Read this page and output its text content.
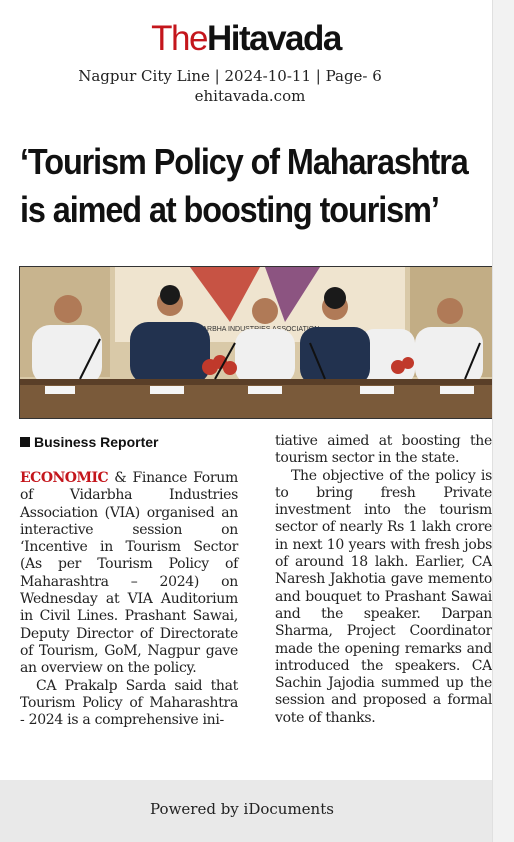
TheHitavada
Nagpur City Line | 2024-10-11 | Page- 6
ehitavada.com
‘Tourism Policy of Maharashtra
is aimed at boosting tourism’
VIDARBHA ASSOCIATION
Business Reporter

ECONOMIC & Finance Forum of Vidarbha Industries Association (VIA) organised an interactive session on ‘Incentive in Tourism Sector (As per Tourism Policy of Maharashtra – 2024) on Wednesday at VIA Auditorium in Civil Lines. Prashant Sawai, Deputy Director of Directorate of Tourism, GoM, Nagpur gave an overview on the policy.

CA Prakalp Sarda said that Tourism Policy of Maharashtra - 2024 is a comprehensive ini-

tiative aimed at boosting the tourism sector in the state.

The objective of the policy is to bring fresh Private investment into the tourism sector of nearly Rs 1 lakh crore in next 10 years with fresh jobs of around 18 lakh. Earlier, CA Naresh Jakhotia gave memento and bouquet to Prashant Sawai and the speaker. Darpan Sharma, Project Coordinator made the opening remarks and introduced the speakers. CA Sachin Jajodia summed up the session and proposed a formal vote of thanks.

Powered by iDocuments
